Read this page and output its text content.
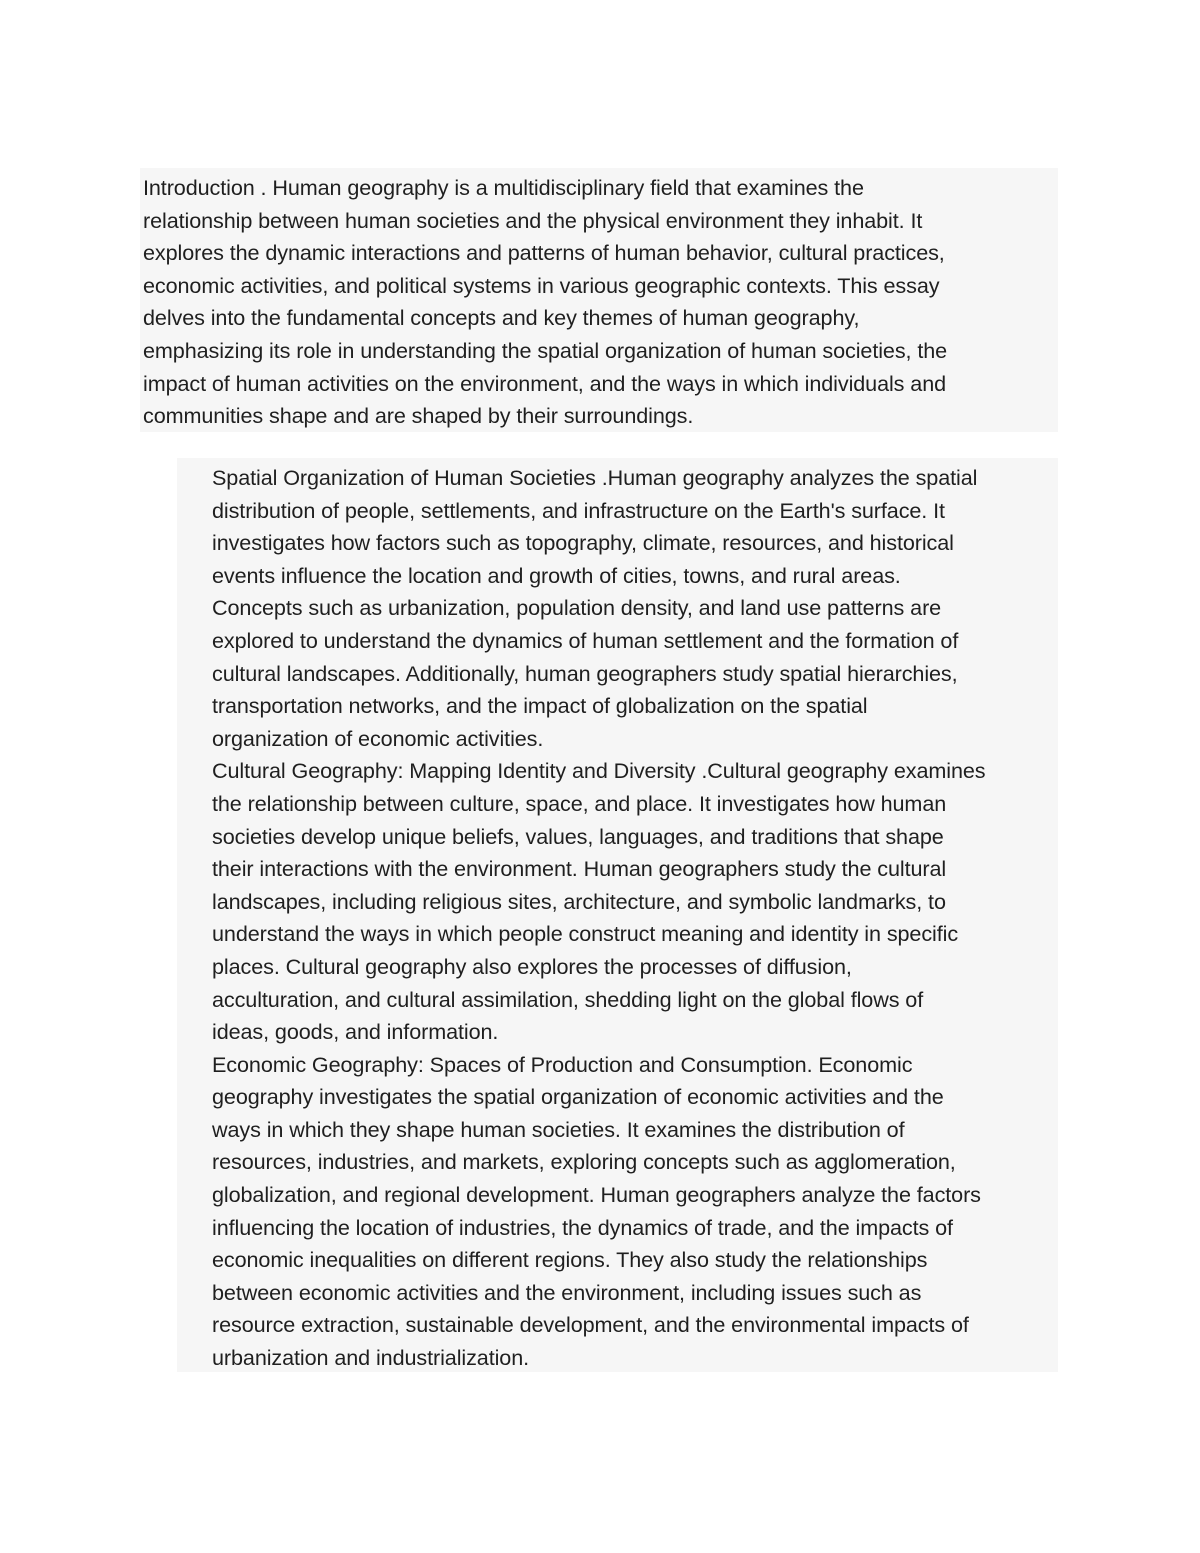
Introduction . Human geography is a multidisciplinary field that examines the
relationship between human societies and the physical environment they inhabit. It
explores the dynamic interactions and patterns of human behavior, cultural practices,
economic activities, and political systems in various geographic contexts. This essay
delves into the fundamental concepts and key themes of human geography,
emphasizing its role in understanding the spatial organization of human societies, the
impact of human activities on the environment, and the ways in which individuals and
communities shape and are shaped by their surroundings.

Spatial Organization of Human Societies .Human geography analyzes the spatial
distribution of people, settlements, and infrastructure on the Earth's surface. It
investigates how factors such as topography, climate, resources, and historical
events influence the location and growth of cities, towns, and rural areas.
Concepts such as urbanization, population density, and land use patterns are
explored to understand the dynamics of human settlement and the formation of
cultural landscapes. Additionally, human geographers study spatial hierarchies,
transportation networks, and the impact of globalization on the spatial
organization of economic activities.

Cultural Geography: Mapping Identity and Diversity .Cultural geography examines
the relationship between culture, space, and place. It investigates how human
societies develop unique beliefs, values, languages, and traditions that shape
their interactions with the environment. Human geographers study the cultural
landscapes, including religious sites, architecture, and symbolic landmarks, to
understand the ways in which people construct meaning and identity in specific
places. Cultural geography also explores the processes of diffusion,
acculturation, and cultural assimilation, shedding light on the global flows of
ideas, goods, and information.

Economic Geography: Spaces of Production and Consumption. Economic
geography investigates the spatial organization of economic activities and the
ways in which they shape human societies. It examines the distribution of
resources, industries, and markets, exploring concepts such as agglomeration,
globalization, and regional development. Human geographers analyze the factors
influencing the location of industries, the dynamics of trade, and the impacts of
economic inequalities on different regions. They also study the relationships
between economic activities and the environment, including issues such as
resource extraction, sustainable development, and the environmental impacts of
urbanization and industrialization.
